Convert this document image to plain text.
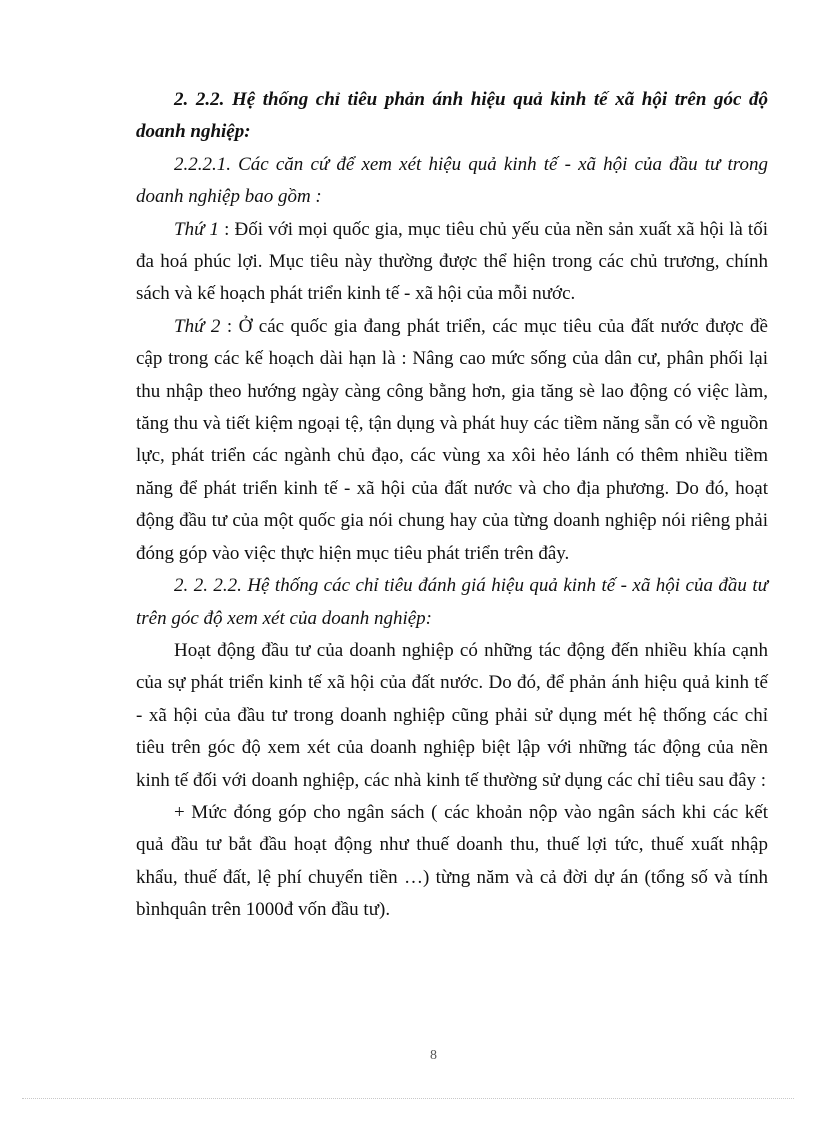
2. 2.2. Hệ thống chỉ tiêu phản ánh hiệu quả kinh tế xã hội trên góc độ doanh nghiệp:

2.2.2.1. Các căn cứ để xem xét hiệu quả kinh tế - xã hội của đầu tư trong doanh nghiệp bao gồm :

Thứ 1 : Đối với mọi quốc gia, mục tiêu chủ yếu của nền sản xuất xã hội là tối đa hoá phúc lợi. Mục tiêu này thường được thể hiện trong các chủ trương, chính sách và kế hoạch phát triển kinh tế - xã hội của mỗi nước.

Thứ 2 : Ở các quốc gia đang phát triển, các mục tiêu của đất nước được đề cập trong các kế hoạch dài hạn là : Nâng cao mức sống của dân cư, phân phối lại thu nhập theo hướng ngày càng công bằng hơn, gia tăng sè lao động có việc làm, tăng thu và tiết kiệm ngoại tệ, tận dụng và phát huy các tiềm năng sẵn có về nguồn lực, phát triển các ngành chủ đạo, các vùng xa xôi hẻo lánh có thêm nhiều tiềm năng để phát triển kinh tế - xã hội của đất nước và cho địa phương. Do đó, hoạt động đầu tư của một quốc gia nói chung hay của từng doanh nghiệp nói riêng phải đóng góp vào việc thực hiện mục tiêu phát triển trên đây.

2. 2. 2.2. Hệ thống các chỉ tiêu đánh giá hiệu quả kinh tế - xã hội của đầu tư trên góc độ xem xét của doanh nghiệp:

Hoạt động đầu tư của doanh nghiệp có những tác động đến nhiều khía cạnh của sự phát triển kinh tế xã hội của đất nước. Do đó, để phản ánh hiệu quả kinh tế - xã hội của đầu tư trong doanh nghiệp cũng phải sử dụng mét hệ thống các chỉ tiêu trên góc độ xem xét của doanh nghiệp biệt lập với những tác động của nền kinh tế đối với doanh nghiệp, các nhà kinh tế thường sử dụng các chỉ tiêu sau đây :

+ Mức đóng góp cho ngân sách ( các khoản nộp vào ngân sách khi các kết quả đầu tư bắt đầu hoạt động như thuế doanh thu, thuế lợi tức, thuế xuất nhập khẩu, thuế đất, lệ phí chuyển tiền …) từng năm và cả đời dự án (tổng số và tính bìnhquân trên 1000đ vốn đầu tư).

8
